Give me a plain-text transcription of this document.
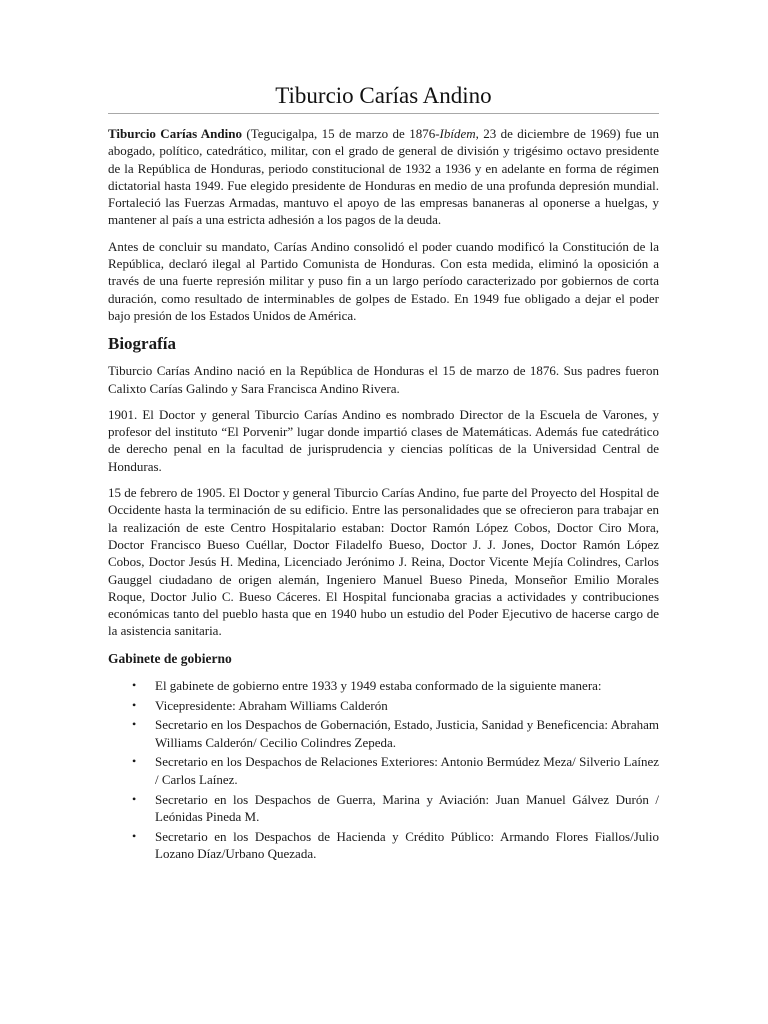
Tiburcio Carías Andino

Tiburcio Carías Andino (Tegucigalpa, 15 de marzo de 1876-Ibídem, 23 de diciembre de 1969) fue un abogado, político, catedrático, militar, con el grado de general de división y trigésimo octavo presidente de la República de Honduras, periodo constitucional de 1932 a 1936 y en adelante en forma de régimen dictatorial hasta 1949. Fue elegido presidente de Honduras en medio de una profunda depresión mundial. Fortaleció las Fuerzas Armadas, mantuvo el apoyo de las empresas bananeras al oponerse a huelgas, y mantener al país a una estricta adhesión a los pagos de la deuda.

Antes de concluir su mandato, Carías Andino consolidó el poder cuando modificó la Constitución de la República, declaró ilegal al Partido Comunista de Honduras. Con esta medida, eliminó la oposición a través de una fuerte represión militar y puso fin a un largo período caracterizado por gobiernos de corta duración, como resultado de interminables de golpes de Estado. En 1949 fue obligado a dejar el poder bajo presión de los Estados Unidos de América.

Biografía

Tiburcio Carías Andino nació en la República de Honduras el 15 de marzo de 1876. Sus padres fueron Calixto Carías Galindo y Sara Francisca Andino Rivera.

1901. El Doctor y general Tiburcio Carías Andino es nombrado Director de la Escuela de Varones, y profesor del instituto “El Porvenir” lugar donde impartió clases de Matemáticas. Además fue catedrático de derecho penal en la facultad de jurisprudencia y ciencias políticas de la Universidad Central de Honduras.

15 de febrero de 1905. El Doctor y general Tiburcio Carías Andino, fue parte del Proyecto del Hospital de Occidente hasta la terminación de su edificio. Entre las personalidades que se ofrecieron para trabajar en la realización de este Centro Hospitalario estaban: Doctor Ramón López Cobos, Doctor Ciro Mora, Doctor Francisco Bueso Cuéllar, Doctor Filadelfo Bueso, Doctor J. J. Jones, Doctor Ramón López Cobos, Doctor Jesús H. Medina, Licenciado Jerónimo J. Reina, Doctor Vicente Mejía Colindres, Carlos Gauggel ciudadano de origen alemán, Ingeniero Manuel Bueso Pineda, Monseñor Emilio Morales Roque, Doctor Julio C. Bueso Cáceres. El Hospital funcionaba gracias a actividades y contribuciones económicas tanto del pueblo hasta que en 1940 hubo un estudio del Poder Ejecutivo de hacerse cargo de la asistencia sanitaria.

Gabinete de gobierno
• El gabinete de gobierno entre 1933 y 1949 estaba conformado de la siguiente manera:
• Vicepresidente: Abraham Williams Calderón
• Secretario en los Despachos de Gobernación, Estado, Justicia, Sanidad y Beneficencia: Abraham Williams Calderón/ Cecilio Colindres Zepeda.
• Secretario en los Despachos de Relaciones Exteriores: Antonio Bermúdez Meza/ Silverio Laínez / Carlos Laínez.
• Secretario en los Despachos de Guerra, Marina y Aviación: Juan Manuel Gálvez Durón / Leónidas Pineda M.
• Secretario en los Despachos de Hacienda y Crédito Público: Armando Flores Fiallos/Julio Lozano Díaz/Urbano Quezada.
